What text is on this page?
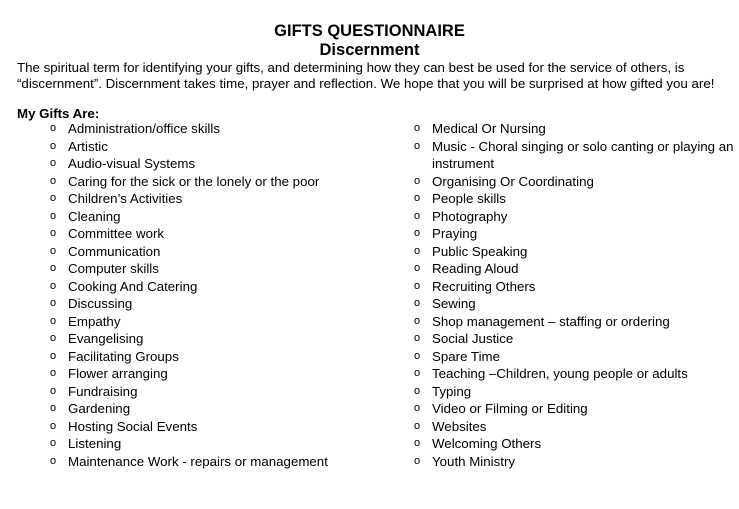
GIFTS QUESTIONNAIRE
Discernment

The spiritual term for identifying your gifts, and determining how they can best be used for the service of others, is “discernment”. Discernment takes time, prayer and reflection. We hope that you will be surprised at how gifted you are!

My Gifts Are:

o Administration/office skills
o Artistic
o Audio-visual Systems
o Caring for the sick or the lonely or the poor
o Children’s Activities
o Cleaning
o Committee work
o Communication
o Computer skills
o Cooking And Catering
o Discussing
o Empathy
o Evangelising
o Facilitating Groups
o Flower arranging
o Fundraising
o Gardening
o Hosting Social Events
o Listening
o Maintenance Work - repairs or management
o Medical Or Nursing
o Music - Choral singing or solo canting or playing an instrument
o Organising Or Coordinating
o People skills
o Photography
o Praying
o Public Speaking
o Reading Aloud
o Recruiting Others
o Sewing
o Shop management – staffing or ordering
o Social Justice
o Spare Time
o Teaching –Children, young people or adults
o Typing
o Video or Filming or Editing
o Websites
o Welcoming Others
o Youth Ministry
